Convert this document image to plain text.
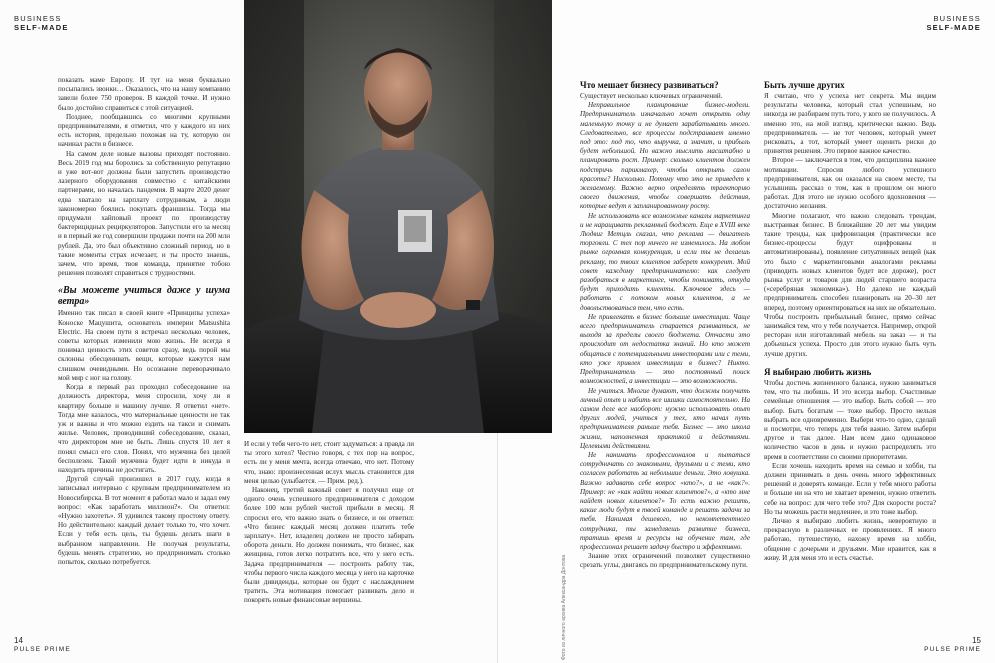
BUSINESS
SELF-MADE
BUSINESS
SELF-MADE

показать маме Европу. И тут на меня буквально посыпались звонки… Оказалось, что на нашу компанию завели более 750 проверок. В каждой точке. И нужно было достойно справиться с этой ситуацией.

Позднее, пообщавшись со многими крупными предпринимателями, я отметил, что у каждого из них есть история, предельно похожая на ту, которую он начинал расти в бизнесе.

На самом деле новые вызовы приходят постоянно. Весь 2019 год мы боролись за собственную репутацию и уже вот-вот должны были запустить производство лазерного оборудования совместно с китайскими партнерами, но началась пандемия. В марте 2020 денег едва хватало на зарплату сотрудникам, а люди закономерно боялись покупать франшизы. Тогда мы придумали хайповый проект по производству бактерицидных рециркуляторов. Запустили его за месяц и в первый же год совершили продажи почти на 200 млн рублей. Да, это был объективно сложный период, но в такие моменты страх исчезает, и ты просто знаешь, зачем, что время, твоя команда, принятие тобою решения позволят справиться с трудностями.

«Вы можете учиться даже у шума ветра»

Именно так писал в своей книге «Принципы успеха» Коноске Мацушита, основатель империи Matsushita Electric. На своем пути я встречал несколько человек, советы которых изменили мою жизнь. Не всегда я понимал ценность этих советов сразу, ведь порой мы склонны обесценивать вещи, которые кажутся нам слишком очевидными. Но осознание переворачивало мой мир с ног на голову.

Когда я первый раз проходил собеседование на должность директора, меня спросили, хочу ли я квартиру больше и машину лучше. Я ответил «нет». Тогда мне казалось, что материальные ценности не так уж и важны и что можно ездить на такси и снимать жилье. Человек, проводивший собеседование, сказал, что директором мне не быть. Лишь спустя 10 лет я понял смысл его слов. Понял, что мужчина без целей бесполезен. Такой мужчина будет идти в никуда и находить причины не достигать.

Другой случай произошел в 2017 году, когда я записывал интервью с крупным предпринимателем из Новосибирска. В тот момент я работал мало и задал ему вопрос: «Как заработать миллион?». Он ответил: «Нужно захотеть». Я удивился такому простому ответу. Но действительно: каждый делает только то, что хочет. Если у тебя есть цель, ты будешь делать шаги в выбранном направлении. Не получая результаты, будешь менять стратегию, но предпринимать столько попыток, сколько потребуется.

И если у тебя чего-то нет, стоит задуматься: а правда ли ты этого хотел? Честно говоря, с тех пор на вопрос, есть ли у меня мечта, всегда отвечаю, что нет. Потому что, знаю: произнесенная вслух мысль становится для меня целью (улыбается. — Прим. ред.).

Наконец, третий важный совет я получил еще от одного очень успешного предпринимателя с доходом более 100 млн рублей чистой прибыли в месяц. Я спросил его, что важно знать о бизнесе, и он ответил: «Что бизнес каждый месяц должен платить тебе зарплату». Нет, владелец должен не просто забирать оборотa деньги. Но должен понимать, что бизнес, как женщина, готов легко потратить все, что у него есть. Задача предпринимателя — построить работу так, чтобы первого числа каждого месяца у него на карточке были дивиденды, которые он будет с наслаждением тратить. Эта мотивация помогает развивать дело и покорять новые финансовые вершины.	Фото из личного архива Александра Донтова
Что мешает бизнесу развиваться?

Существует несколько ключевых ограничений.

Неправильное планирование бизнес-модели. Предприниматель изначально хочет открыть одну маленькую точку и не думает зарабатывать много. Следовательно, все процессы подстраивает именно под это: под то, что выручка, а значит, и прибыль будет небольшой. Но важно мыслить масштабно и планировать рост. Пример: сколько клиентов должен подстричь парикмахер, чтобы открыть салон красоты? Нисколько. Потому что это не приведет к желаемому. Важно верно определять траекторию своего движения, чтобы совершать действия, которые ведут к запланированному росту.

Не использовать все возможные каналы маркетинга и не наращивать рекламный бюджет. Еще в XVIII веке Людвиг Метцль сказал, что реклама — двигатель торговли. С тех пор ничего не изменилось. На любом рынке огромная конкуренция, и если ты не делаешь рекламу, то твоих клиентов заберет конкурент. Мой совет каждому предпринимателю: как следует разобраться в маркетинге, чтобы понимать, откуда будут приходить клиенты. Ключевое здесь — работать с потоком новых клиентов, а не довольствоваться тем, что есть.

Не привлекать в бизнес большие инвестиции. Чаще всего предприниматель старается развиваться, не выходя за пределы своего бюджета. Отчасти это происходит от недостатка знаний. Но кто может общаться с потенциальными инвесторами или с теми, кто уже привлек инвестиции в бизнес? Никто. Предприниматель — это постоянный поиск возможностей, а инвестиции — это возможность.

Не учиться. Многие думают, что должны получить личный опыт и набить все шишки самостоятельно. На самом деле все наоборот: нужно использовать опыт других людей, учиться у тех, кто начал путь предпринимателя раньше тебя. Бизнес — это школа жизни, наполненная практикой и действиями. Целевыми действиями.

Не нанимать профессионалов и пытаться сотрудничать со знакомыми, друзьями и с теми, кто согласен работать за небольшие деньги. Это ловушка. Важно задавать себе вопрос «кто?», а не «как?». Пример: не «как найти новых клиентов?», а «кто мне найдет новых клиентов?» То есть важно решить, какие люди будут в твоей команде и решать задачи за тебя. Нанимая дешевого, но некомпетентного сотрудника, ты замедляешь развитие бизнеса, тратишь время и ресурсы на обучение там, где профессионал решает задачу быстро и эффективно.

Знание этих ограничений позволяет существенно срезать углы, двигаясь по предпринимательскому пути.

Быть лучше других

Я считаю, что у успеха нет секрета. Мы видим результаты человека, который стал успешным, но никогда не разбираем путь того, у кого не получилось. А именно это, на мой взгляд, критически важно. Ведь предприниматель — не тот человек, который умеет рисковать, а тот, который умеет оценить риски до принятия решения. Это первое важное качество.

Второе — заключается в том, что дисциплина важнее мотивации. Спросив любого успешного предпринимателя, как он оказался на своем месте, ты услышишь рассказ о том, как в прошлом он много работал. Для этого не нужно особого вдохновения — достаточно желания.

Многие полагают, что важно следовать трендам, выстраивая бизнес. В ближайшие 20 лет мы увидим такие тренды, как цифровизация (практически все бизнес-процессы будут оцифрованы и автоматизированы), появление ситуативных вещей (как это было с маркетинговыми аналогами рекламы (приводить новых клиентов будет все дороже), рост рынка услуг и товаров для людей старшего возраста («серебряная экономика»). Но далеко не каждый предприниматель способен планировать на 20–30 лет вперед, поэтому ориентироваться на них не обязательно. Чтобы построить прибыльный бизнес, прямо сейчас занимайся тем, что у тебя получается. Например, открой ресторан или изготавливай мебель на заказ — и ты добьешься успеха. Просто для этого нужно быть чуть лучше других.

Я выбираю любить жизнь

Чтобы достичь жизненного баланса, нужно заниматься тем, что ты любишь. И это всегда выбор. Счастливые семейные отношения — это выбор. Быть собой — это выбор. Быть богатым — тоже выбор. Просто нельзя выбрать все одновременно. Выбери что-то одно, сделай и посмотри, что теперь для тебя важно. Затем выбери другое и так далее. Нам всем дано одинаковое количество часов в день и нужно распределять это время в соответствии со своими приоритетами.

Если хочешь находить время на семью и хобби, ты должен принимать в день очень много эффективных решений и доверять команде. Если у тебя много работы и больше ни на что не хватает времени, нужно ответить себе на вопрос: для чего тебе это? Для скорости роста? Но ты можешь расти медленнее, и это тоже выбор.

Лично я выбираю любить жизнь, невероятную и прекрасную в различных ее проявлениях. Я много работаю, путешествую, нахожу время на хобби, общение с дочерьми и друзьями. Мне нравится, как я живу. И для меня это и есть счастье.

14
PULSE PRIME
15
PULSE PRIME
